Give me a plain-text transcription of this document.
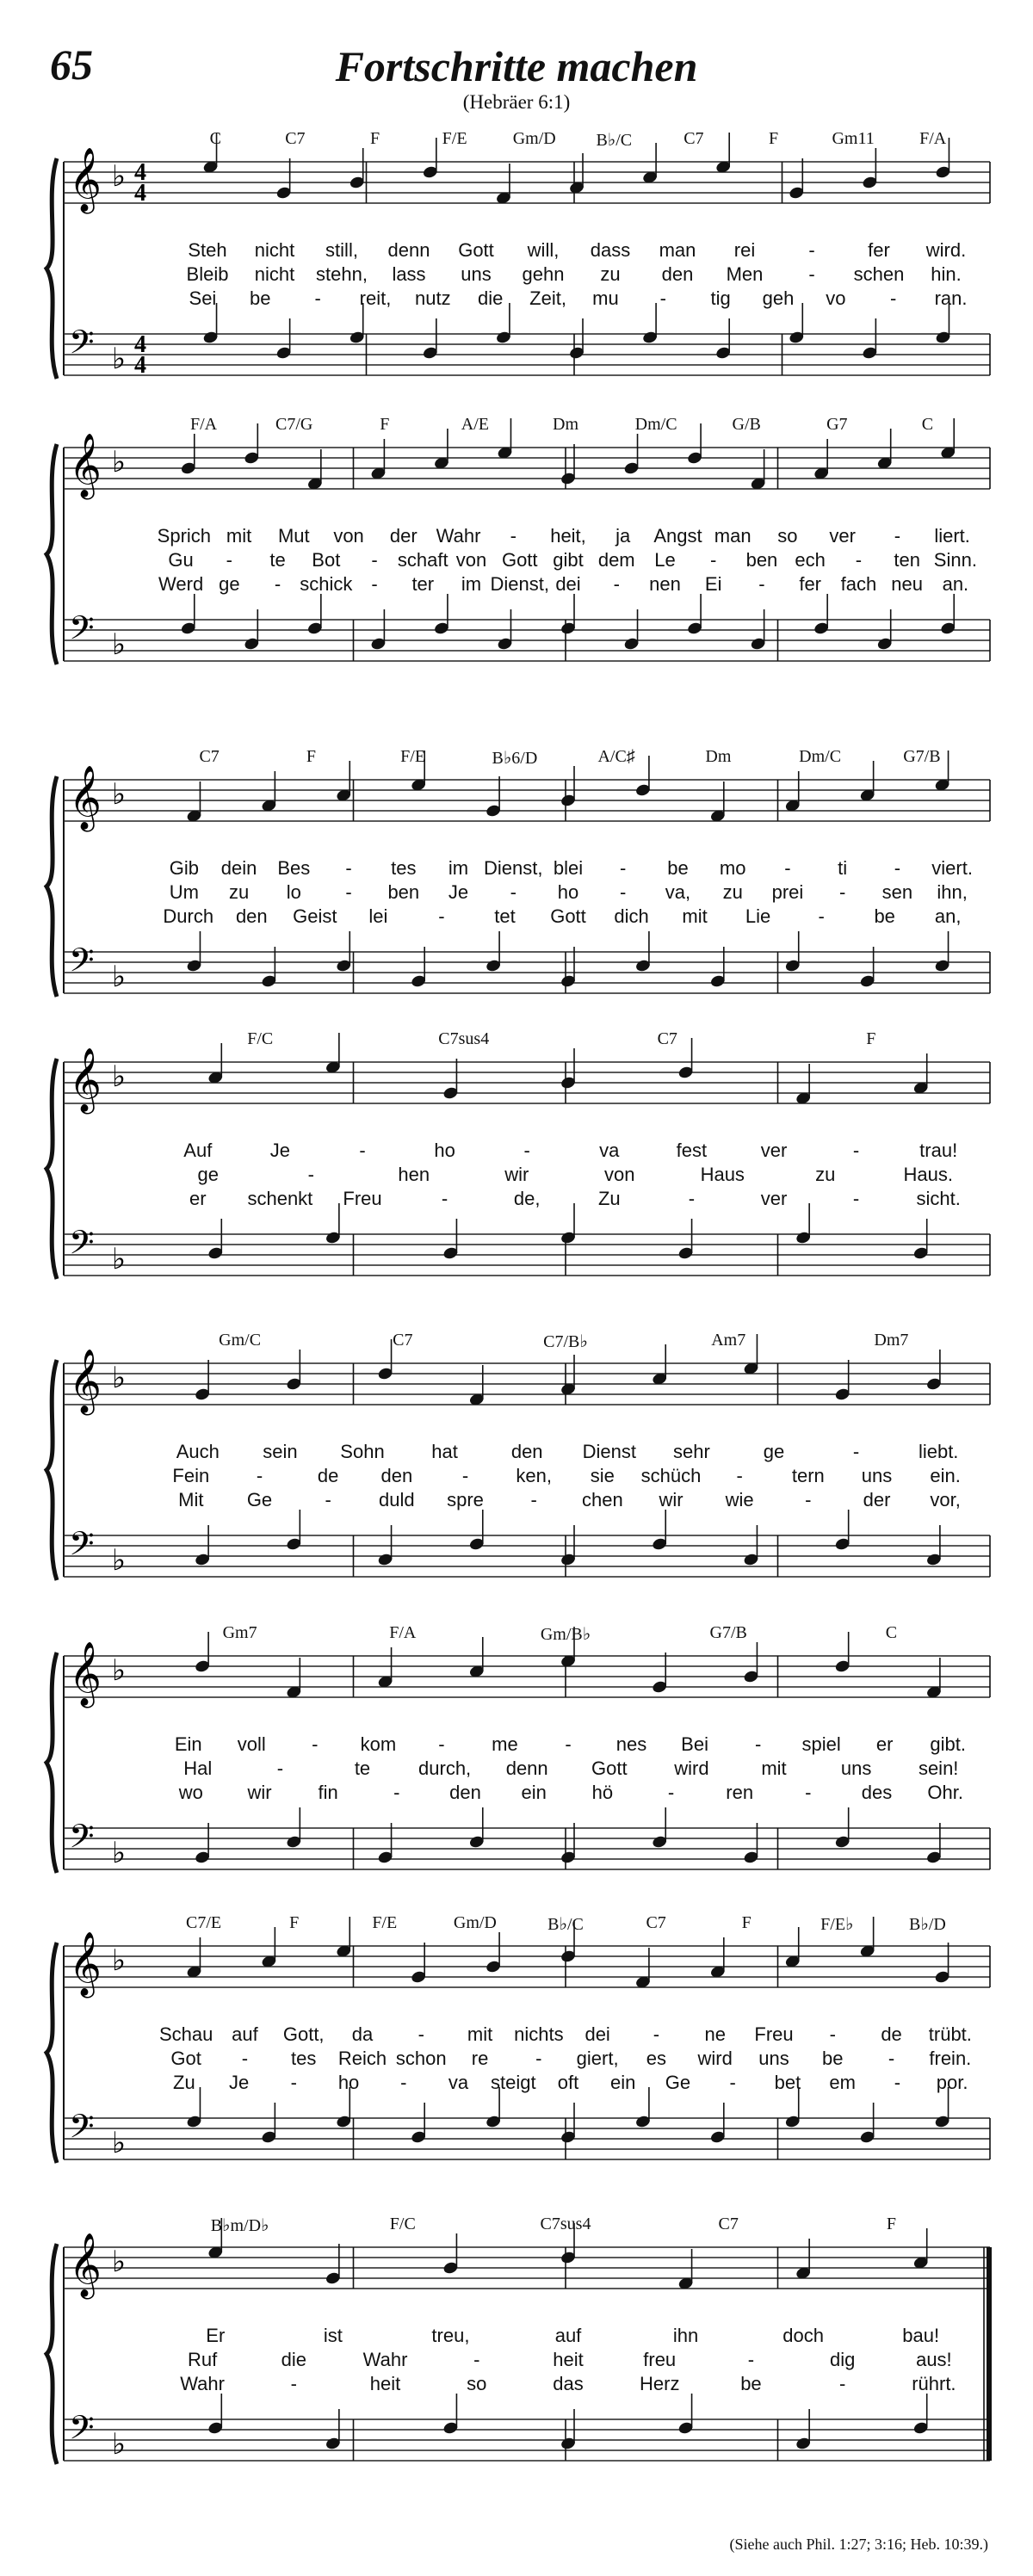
65	Fortschritte machen
(Hebräer 6:1)
𝄞
𝄢
♭
♭
4
4
4
4
C	C7	F	F/E	Gm/D B♭/C	C7	F	Gm11	F/A
Steh nicht still, denn Gott will, dass man rei	-	fer wird.
Bleib nicht stehn, lass uns gehn zu den Men - schen hin.
Sei be - reit, nutz die Zeit, mu - tig geh vo - ran.
𝄞
𝄢
♭
♭
F/A	C7/G	F	A/E	Dm	Dm/C	G/B	G7	C
Sprich mit Mut von der Wahr - heit, ja Angst man so ver - liert.
Gu - te Bot - schaft von Gott gibt dem Le - ben ech - ten Sinn.
Werd ge - schick - ter im Dienst, dei - nen Ei - fer fach neu an.
𝄞
𝄢
♭
♭
C7	F	F/E	B♭6/D	A/C♯	Dm	Dm/C	G7/B
Gib dein Bes - tes im Dienst, blei - be mo - ti - viert.
Um zu lo - ben Je - ho - va, zu prei - sen ihn,
Durch den Geist lei	-	tet Gott dich mit Lie	-	be an,
𝄞
𝄢
♭
♭
F/C	C7sus4	C7	F
Auf	Je	-	ho	-	va	fest	ver	-	trau!
ge	-	hen	wir	von	Haus	zu	Haus.
er schenkt Freu	-	de,	Zu	-	ver	-	sicht.
𝄞
𝄢
♭
♭
Gm/C	C7	C7/B♭	Am7	Dm7
Auch sein Sohn hat	den Dienst sehr	ge	-	liebt.
Fein -	de den	-	ken, sie schüch -	tern uns ein.
Mit Ge	-	duld spre - chen wir wie	-	der vor,
𝄞
𝄢
♭
♭
Gm7	F/A	Gm/B♭	G7/B	C
Ein voll - kom - me - nes Bei - spiel er gibt.
Hal	-	te	durch, denn Gott wird	mit	uns sein!
wo wir fin	-	den ein hö	-	ren	-	des Ohr.
𝄞
𝄢
♭
♭
C7/E	F	F/E	Gm/D	B♭/C	C7	F	F/E♭	B♭/D
Schau auf Gott, da - mit nichts dei - ne Freu - de trübt.
Got - tes Reich schon re - giert, es wird uns be - frein.
Zu Je - ho - va steigt oft ein Ge - bet em - por.
𝄞
𝄢
♭
♭
B♭m/D♭	F/C	C7sus4	C7	F
Er	ist	treu,	auf	ihn	doch	bau!
Ruf	die	Wahr	-	heit	freu	-	dig	aus!
Wahr	-	heit	so	das	Herz	be	-	rührt.
(Siehe auch Phil. 1:27; 3:16; Heb. 10:39.)
